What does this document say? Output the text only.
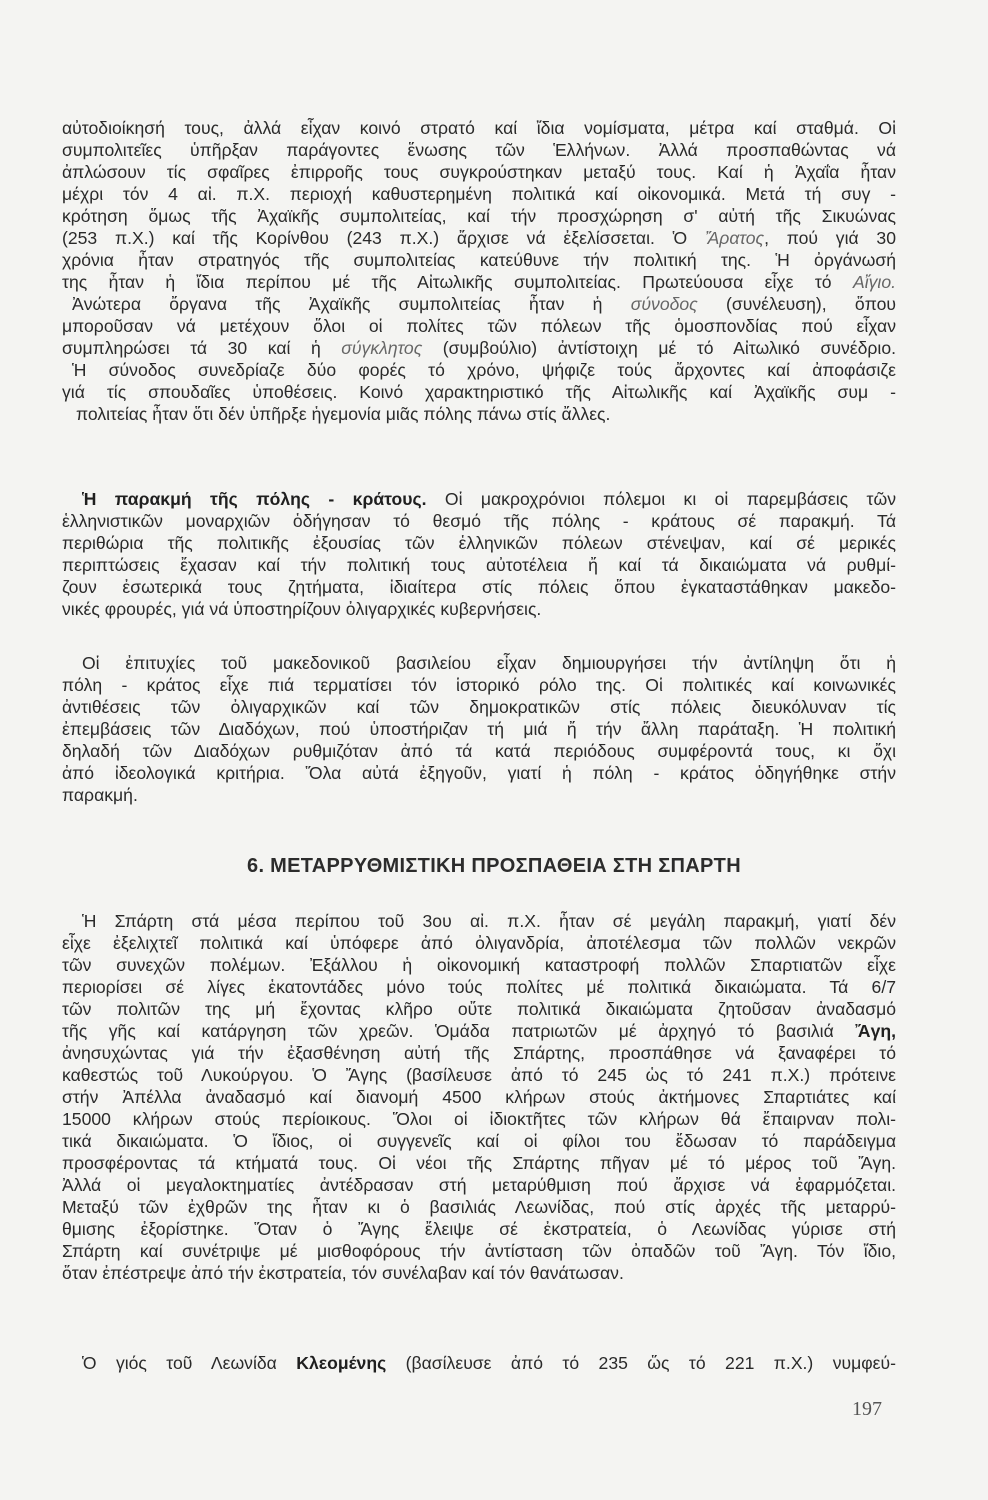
αὐτοδιοίκησή τους, ἀλλά εἶχαν κοινό στρατό καί ἴδια νομίσματα, μέτρα καί σταθμά. Οἱ
συμπολιτεῖες ὑπῆρξαν παράγοντες ἕνωσης τῶν Ἑλλήνων. Ἀλλά προσπαθώντας νά
ἀπλώσουν τίς σφαῖρες ἐπιρροῆς τους συγκρούστηκαν μεταξύ τους. Καί ἡ Ἀχαΐα ἦταν
μέχρι τόν 4 αἰ. π.Χ. περιοχή καθυστερημένη πολιτικά καί οἰκονομικά. Μετά τή συγ -
κρότηση ὅμως τῆς Ἀχαϊκῆς συμπολιτείας, καί τήν προσχώρηση σ' αὐτή τῆς Σικυώνας
(253 π.Χ.) καί τῆς Κορίνθου (243 π.Χ.) ἄρχισε νά ἐξελίσσεται. Ὁ Ἄρατος, πού γιά 30
χρόνια ἦταν στρατηγός τῆς συμπολιτείας κατεύθυνε τήν πολιτική της. Ἡ ὀργάνωσή
της ἦταν ἡ ἴδια περίπου μέ τῆς Αἰτωλικῆς συμπολιτείας. Πρωτεύουσα εἶχε τό Αἴγιο.
Ἀνώτερα ὄργανα τῆς Ἀχαϊκῆς συμπολιτείας ἦταν ἡ σύνοδος (συνέλευση), ὅπου
μποροῦσαν νά μετέχουν ὅλοι οἱ πολίτες τῶν πόλεων τῆς ὁμοσπονδίας πού εἶχαν
συμπληρώσει τά 30 καί ἡ σύγκλητος (συμβούλιο) ἀντίστοιχη μέ τό Αἰτωλικό συνέδριο.
Ἡ σύνοδος συνεδρίαζε δύο φορές τό χρόνο, ψήφιζε τούς ἄρχοντες καί ἀποφάσιζε
γιά τίς σπουδαῖες ὑποθέσεις. Κοινό χαρακτηριστικό τῆς Αἰτωλικῆς καί Ἀχαϊκῆς συμ -
πολιτείας ἦταν ὅτι δέν ὑπῆρξε ἡγεμονία μιᾶς πόλης πάνω στίς ἄλλες.
Ἡ παρακμή τῆς πόλης - κράτους. Οἱ μακροχρόνιοι πόλεμοι κι οἱ παρεμβάσεις τῶν
ἑλληνιστικῶν μοναρχιῶν ὁδήγησαν τό θεσμό τῆς πόλης - κράτους σέ παρακμή. Τά
περιθώρια τῆς πολιτικῆς ἐξουσίας τῶν ἑλληνικῶν πόλεων στένεψαν, καί σέ μερικές
περιπτώσεις ἔχασαν καί τήν πολιτική τους αὐτοτέλεια ἤ καί τά δικαιώματα νά ρυθμί-
ζουν ἐσωτερικά τους ζητήματα, ἰδιαίτερα στίς πόλεις ὅπου ἐγκαταστάθηκαν μακεδο-
νικές φρουρές, γιά νά ὑποστηρίζουν ὀλιγαρχικές κυβερνήσεις.
Οἱ ἐπιτυχίες τοῦ μακεδονικοῦ βασιλείου εἶχαν δημιουργήσει τήν ἀντίληψη ὅτι ἡ
πόλη - κράτος εἶχε πιά τερματίσει τόν ἱστορικό ρόλο της. Οἱ πολιτικές καί κοινωνικές
ἀντιθέσεις τῶν ὀλιγαρχικῶν καί τῶν δημοκρατικῶν στίς πόλεις διευκόλυναν τίς
ἐπεμβάσεις τῶν Διαδόχων, πού ὑποστήριζαν τή μιά ἤ τήν ἄλλη παράταξη. Ἡ πολιτική
δηλαδή τῶν Διαδόχων ρυθμιζόταν ἀπό τά κατά περιόδους συμφέροντά τους, κι ὄχι
ἀπό ἰδεολογικά κριτήρια. Ὅλα αὐτά ἐξηγοῦν, γιατί ἡ πόλη - κράτος ὁδηγήθηκε στήν
παρακμή.
6. ΜΕΤΑΡΡΥΘΜΙΣΤΙΚΗ ΠΡΟΣΠΑΘΕΙΑ ΣΤΗ ΣΠΑΡΤΗ
Ἡ Σπάρτη στά μέσα περίπου τοῦ 3ου αἰ. π.Χ. ἦταν σέ μεγάλη παρακμή, γιατί δέν
εἶχε ἐξελιχτεῖ πολιτικά καί ὑπόφερε ἀπό ὀλιγανδρία, ἀποτέλεσμα τῶν πολλῶν νεκρῶν
τῶν συνεχῶν πολέμων. Ἐξάλλου ἡ οἰκονομική καταστροφή πολλῶν Σπαρτιατῶν εἶχε
περιορίσει σέ λίγες ἑκατοντάδες μόνο τούς πολίτες μέ πολιτικά δικαιώματα. Τά 6/7
τῶν πολιτῶν της μή ἔχοντας κλῆρο οὔτε πολιτικά δικαιώματα ζητοῦσαν ἀναδασμό
τῆς γῆς καί κατάργηση τῶν χρεῶν. Ὁμάδα πατριωτῶν μέ ἀρχηγό τό βασιλιά Ἄγη,
ἀνησυχώντας γιά τήν ἐξασθένηση αὐτή τῆς Σπάρτης, προσπάθησε νά ξαναφέρει τό
καθεστώς τοῦ Λυκούργου. Ὁ Ἄγης (βασίλευσε ἀπό τό 245 ὡς τό 241 π.Χ.) πρότεινε
στήν Ἀπέλλα ἀναδασμό καί διανομή 4500 κλήρων στούς ἀκτήμονες Σπαρτιάτες καί
15000 κλήρων στούς περίοικους. Ὅλοι οἱ ἰδιοκτῆτες τῶν κλήρων θά ἔπαιρναν πολι-
τικά δικαιώματα. Ὁ ἴδιος, οἱ συγγενεῖς καί οἱ φίλοι του ἔδωσαν τό παράδειγμα
προσφέροντας τά κτήματά τους. Οἱ νέοι τῆς Σπάρτης πῆγαν μέ τό μέρος τοῦ Ἄγη.
Ἀλλά οἱ μεγαλοκτηματίες ἀντέδρασαν στή μεταρύθμιση πού ἄρχισε νά ἐφαρμόζεται.
Μεταξύ τῶν ἐχθρῶν της ἦταν κι ὁ βασιλιάς Λεωνίδας, πού στίς ἀρχές τῆς μεταρρύ-
θμισης ἐξορίστηκε. Ὅταν ὁ Ἄγης ἔλειψε σέ ἐκστρατεία, ὁ Λεωνίδας γύρισε στή
Σπάρτη καί συνέτριψε μέ μισθοφόρους τήν ἀντίσταση τῶν ὀπαδῶν τοῦ Ἄγη. Τόν ἴδιο,
ὅταν ἐπέστρεψε ἀπό τήν ἐκστρατεία, τόν συνέλαβαν καί τόν θανάτωσαν.
Ὁ γιός τοῦ Λεωνίδα Κλεομένης (βασίλευσε ἀπό τό 235 ὥς τό 221 π.Χ.) νυμφεύ-
197
